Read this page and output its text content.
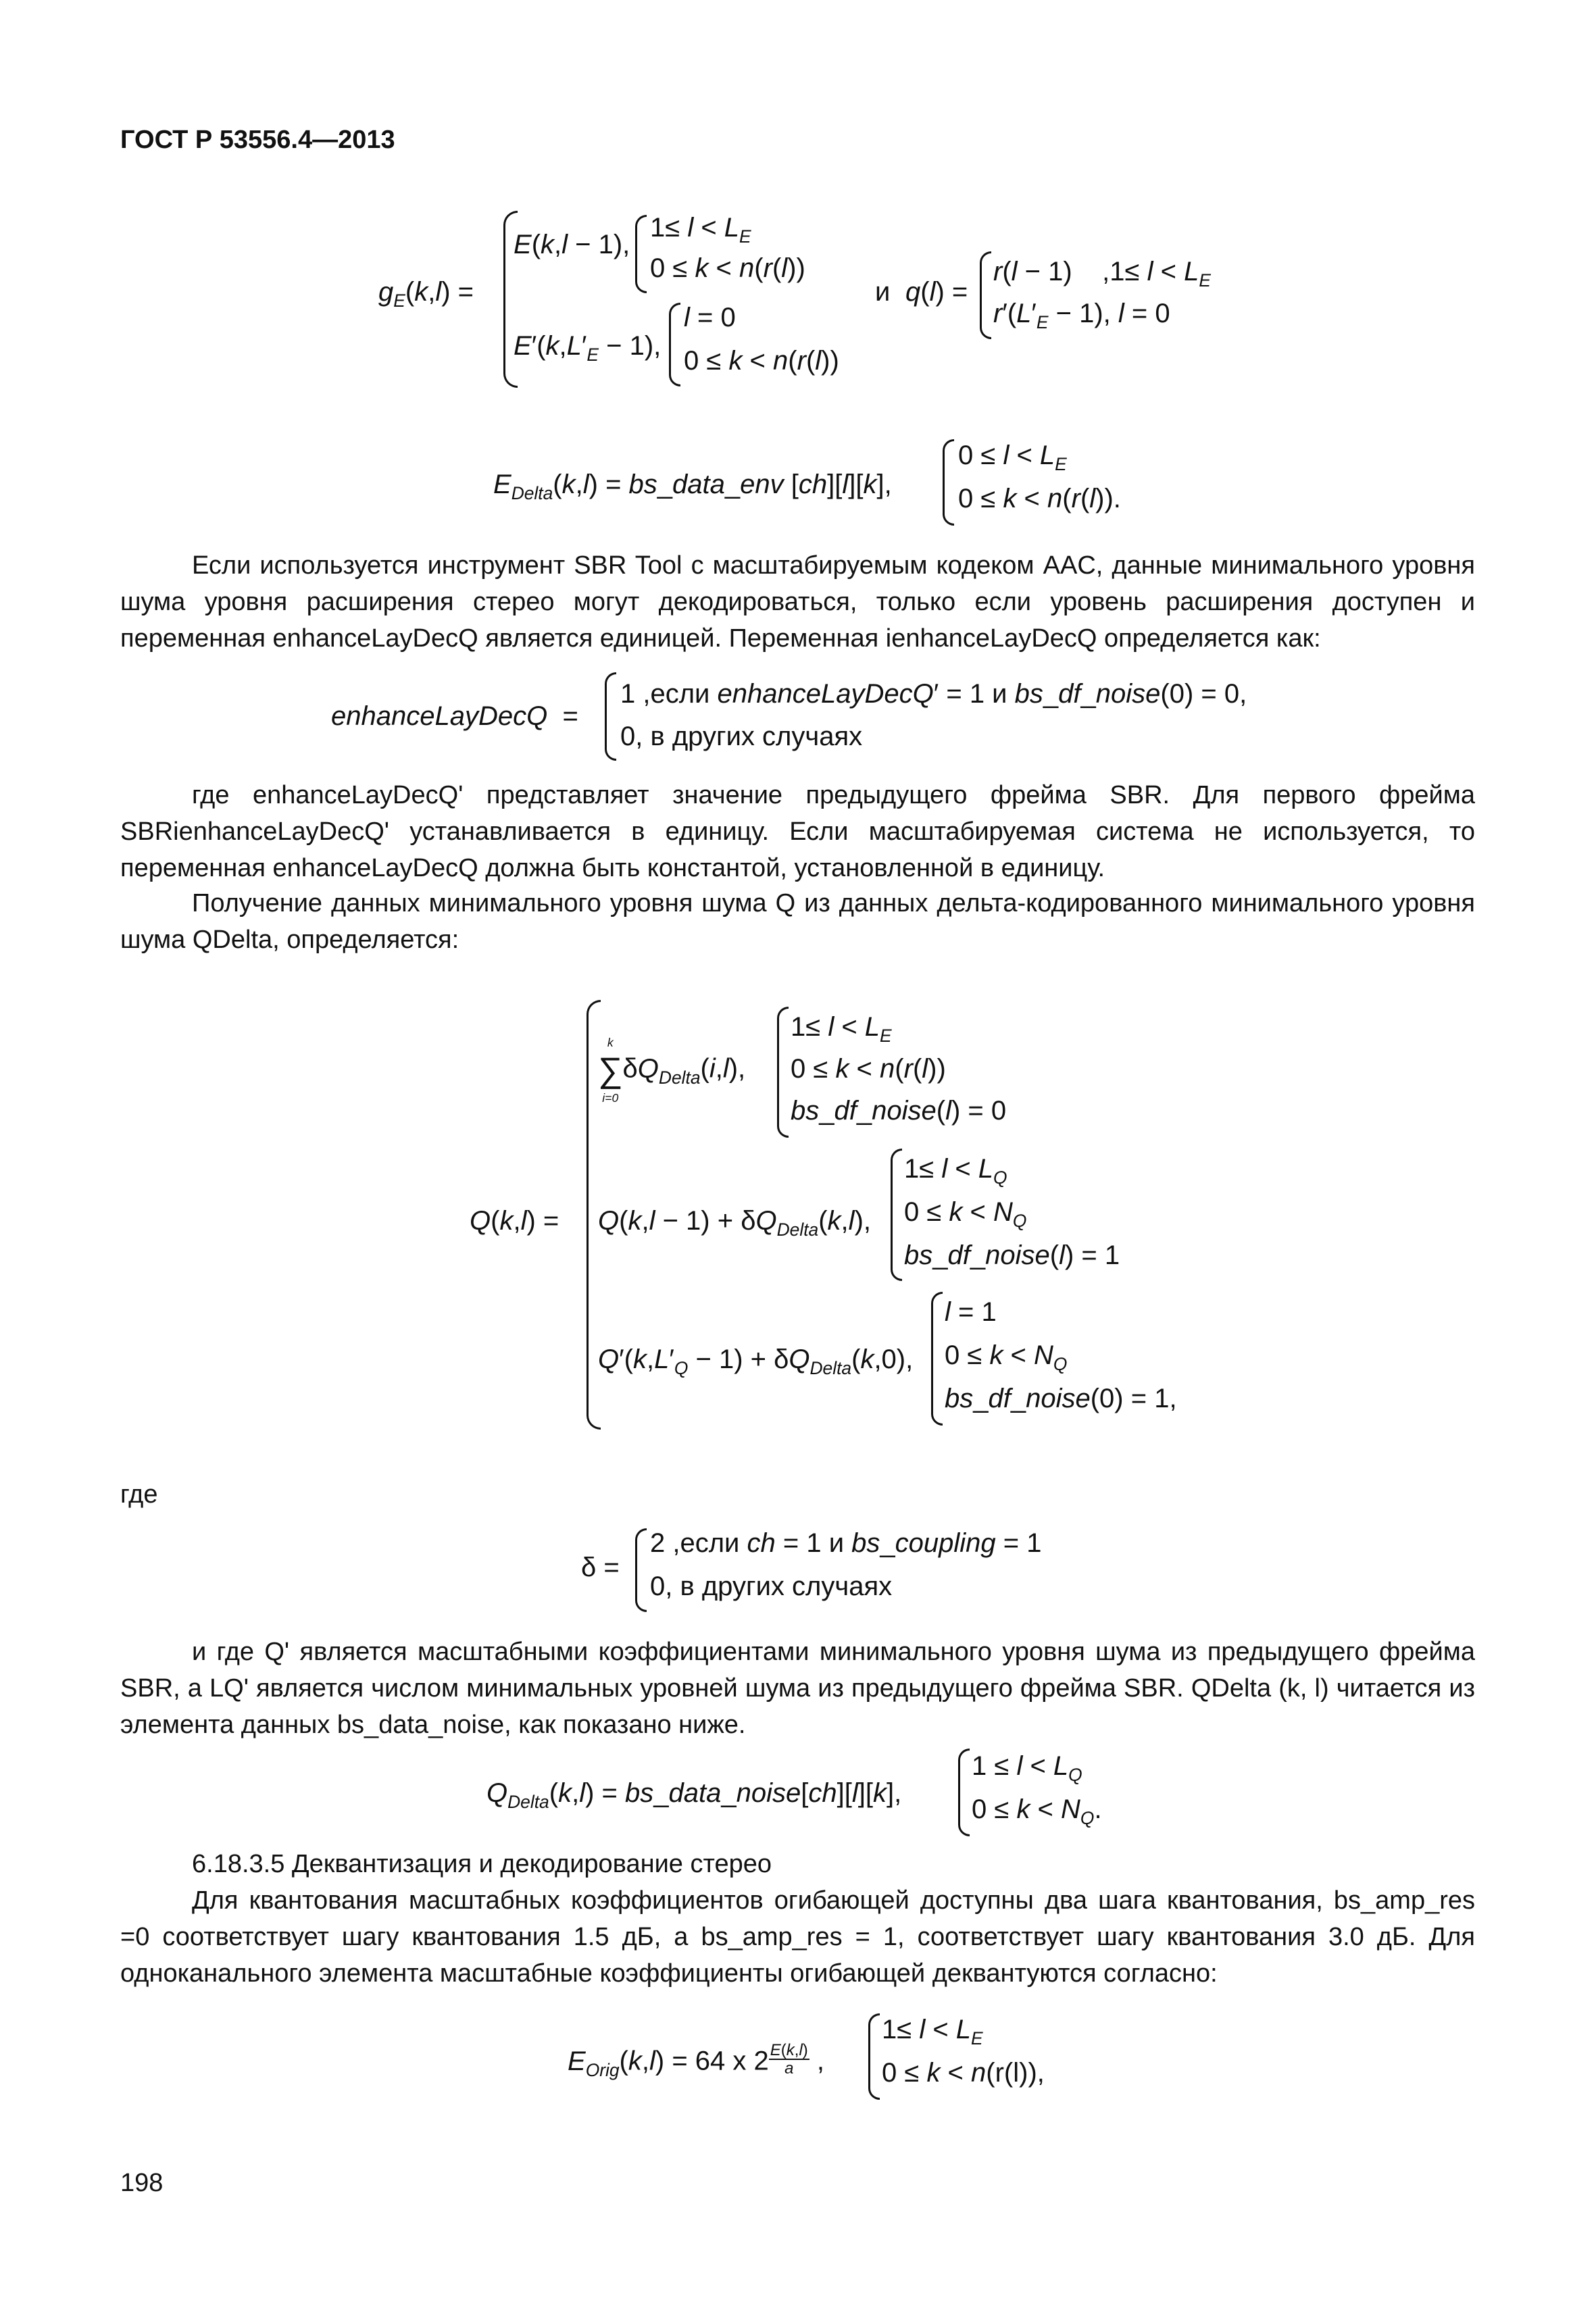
ГОСТ Р 53556.4—2013
$g_E(k,l)$ =
E(k,l − 1),
$1\le l < L_E$
0 ≤ k < n(r(l))
$E'(k,L'_E - 1)$,
l = 0
0 ≤ k < n(r(l))
и q(l) =
r(l − 1)    $,1\le l < L_E$
$r'(L'_E - 1)$, l = 0
$E_{Delta}(k,l)$ = bs_data_env [ch][l][k],
$0 \le l < L_E$
0 ≤ k < n(r(l)).
Если используется инструмент SBR Tool с масштабируемым кодеком AAC, данные минимального уровня шума уровня расширения стерео могут декодироваться, только если уровень расширения доступен и переменная enhanceLayDecQ является единицей. Переменная ienhanceLayDecQ определяется как:
enhanceLayDecQ  =
1 ,если enhanceLayDecQ′ = 1 и bs_df_noise(0) = 0,
0, в других случаях
где enhanceLayDecQ' представляет значение предыдущего фрейма SBR. Для первого фрейма SBRienhanceLayDecQ' устанавливается в единицу. Если масштабируемая система не используется, то переменная enhanceLayDecQ должна быть константой, установленной в единицу.
Получение данных минимального уровня шума Q из данных дельта-кодированного минимального уровня шума QDelta, определяется:
Q(k,l) =
k
∑
i=0
$\delta Q_{Delta}(i,l)$,
$1\le l < L_E$
0 ≤ k < n(r(l))
bs_df_noise(l) = 0
$Q(k,l - 1) + \delta Q_{Delta}(k,l)$,
$1\le l < L_Q$
$0 \le k < N_Q$
bs_df_noise(l) = 1
$Q'(k,L'_Q - 1) + \delta Q_{Delta}(k,0)$,
l = 1
$0 \le k < N_Q$
bs_df_noise(0) = 1,
где
δ =
2 ,если ch = 1 и bs_coupling = 1
0, в других случаях
и где Q' является масштабными коэффициентами минимального уровня шума из предыдущего фрейма SBR, а LQ' является числом минимальных уровней шума из предыдущего фрейма SBR. QDelta (k, l) читается из элемента данных bs_data_noise, как показано ниже.
$Q_{Delta}(k,l)$ = bs_data_noise[ch][l][k],
$1 \le l < L_Q$
$0 \le k < N_Q$.
6.18.3.5 Деквантизация и декодирование стерео
Для квантования масштабных коэффициентов огибающей доступны два шага квантования, bs_amp_res =0 соответствует шагу квантования 1.5 дБ, а bs_amp_res = 1, соответствует шагу квантования 3.0 дБ. Для одноканального элемента масштабные коэффициенты огибающей деквантуются согласно:
$E_{Orig}(k,l) = 64$ x $2 \frac{E(k,l)}{a}$ ,
$1\le l < L_E$
0 ≤ k < n(r(l)),
198
